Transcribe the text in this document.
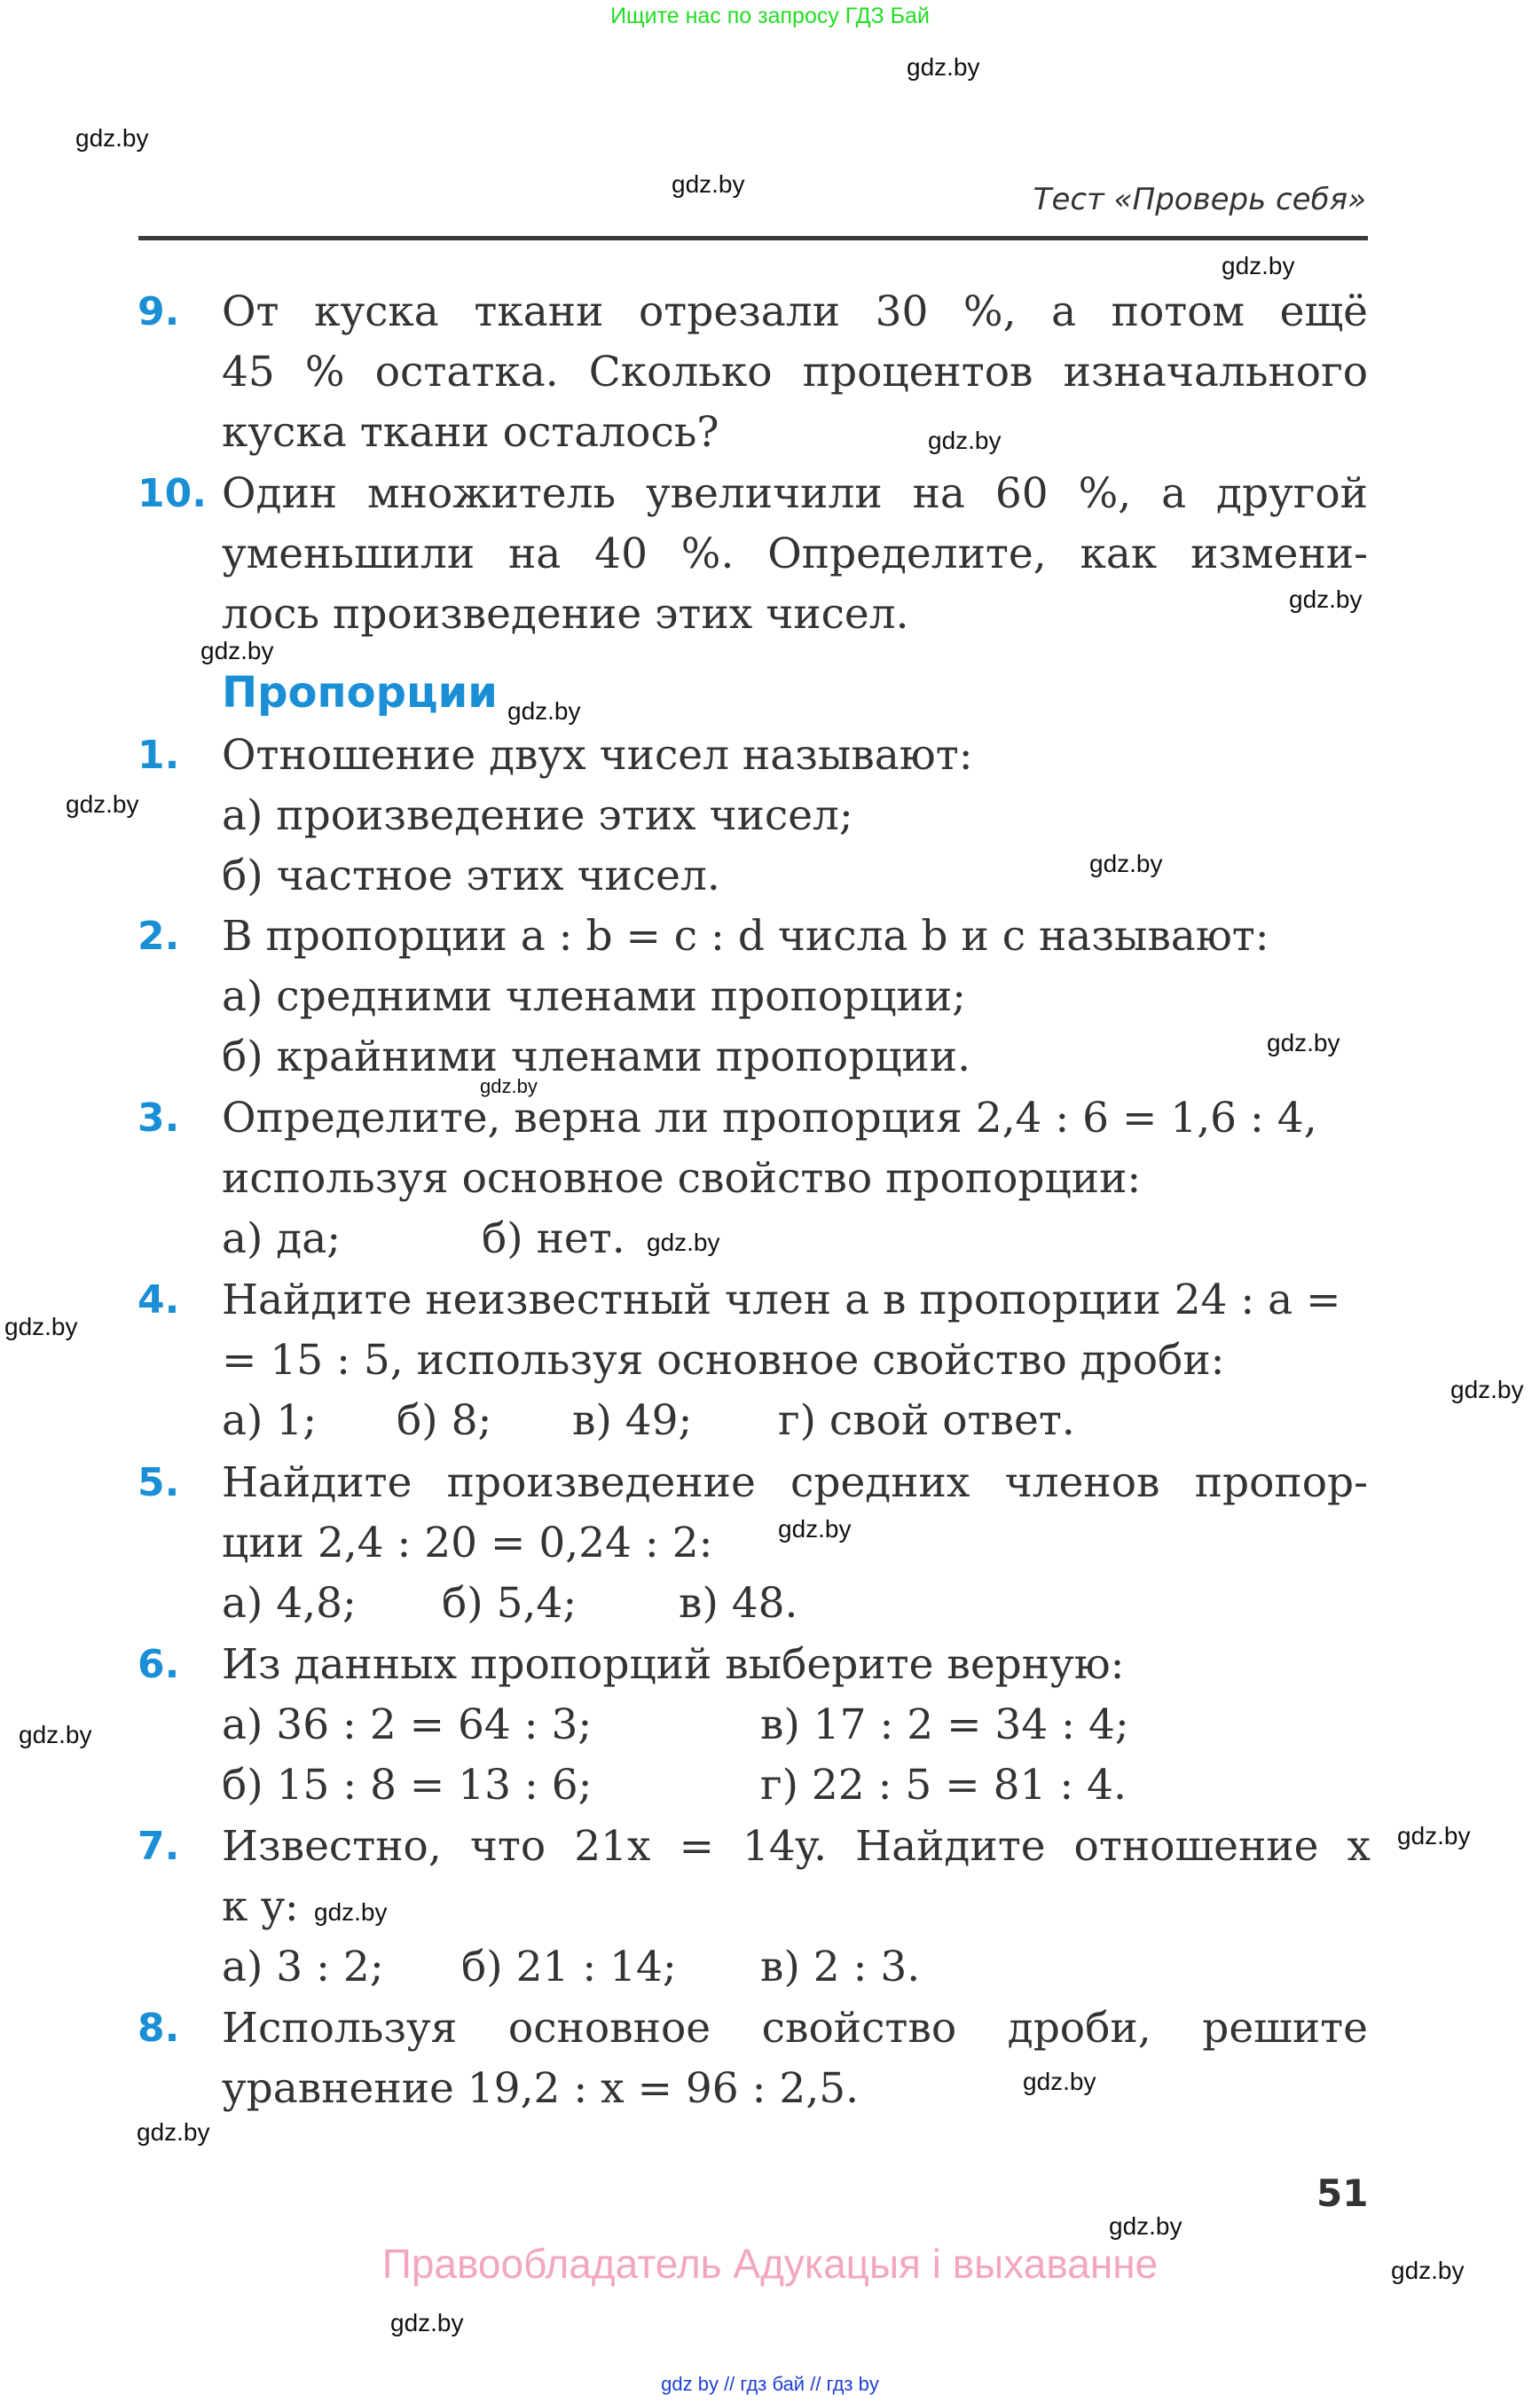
Ищите нас по запросу ГДЗ Бай
gdz.by
gdz.by
gdz.by
gdz.by
gdz.by
gdz.by
gdz.by
gdz.by
gdz.by
gdz.by
gdz.by
gdz.by
gdz.by
gdz.by
gdz.by
gdz.by
gdz.by
gdz.by
gdz.by
gdz.by
gdz.by
gdz.by
gdz.by
gdz.by
Тест «Проверь себя»
9. От куска ткани отрезали 30 %, а потом ещё
45 % остатка. Сколько процентов изначального
куска ткани осталось?
10. Один множитель увеличили на 60 %, а другой
уменьшили на 40 %. Определите, как измени-
лось произведение этих чисел.
Пропорции
1. Отношение двух чисел называют:
а) произведение этих чисел;
б) частное этих чисел.
2. В пропорции a : b = c : d числа b и c называют:
а) средними членами пропорции;
б) крайними членами пропорции.
3. Определите, верна ли пропорция 2,4 : 6 = 1,6 : 4,
используя основное свойство пропорции:
а) да;	б) нет.
4. Найдите неизвестный член a в пропорции 24 : a =
= 15 : 5, используя основное свойство дроби:
а) 1; б) 8; в) 49; г) свой ответ.
5. Найдите произведение средних членов пропор-
ции 2,4 : 20 = 0,24 : 2:
а) 4,8; б) 5,4; в) 48.
6. Из данных пропорций выберите верную:
а) 36 : 2 = 64 : 3;	в) 17 : 2 = 34 : 4;
б) 15 : 8 = 13 : 6;	г) 22 : 5 = 81 : 4.
7. Известно, что 21x = 14y. Найдите отношение x
к y:
а) 3 : 2; б) 21 : 14; в) 2 : 3.
8. Используя основное свойство дроби, решите
уравнение 19,2 : x = 96 : 2,5.
51
Правообладатель Адукацыя і выхаванне
gdz by // гдз бай // гдз by
